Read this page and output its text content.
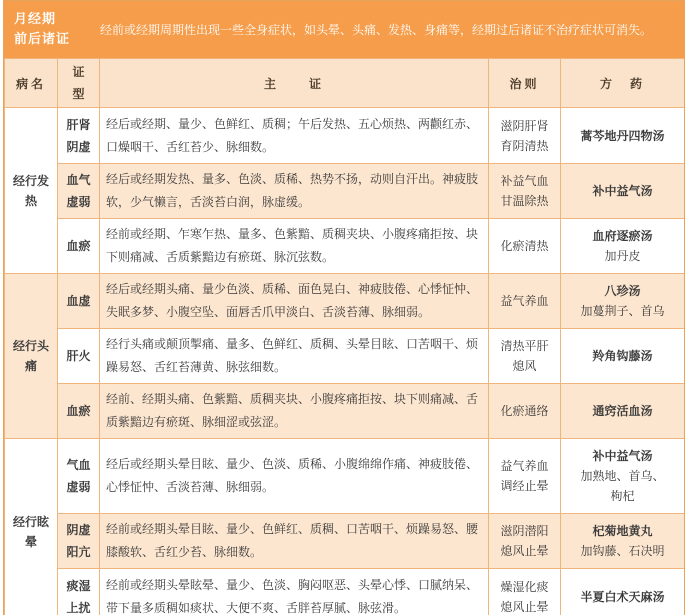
月经期
前后诸证
经前或经期周期性出现一些全身症状，如头晕、头痛、发热、身痛等，经期过后诸证不治疗症状可消失。
病名	证型	主　　证	治则	方　药
经行发热	肝肾阴虚	经后或经期、量少、色鲜红、质稠；午后发热、五心烦热、两颧红赤、口燥咽干、舌红苔少、脉细数。	滋阴肝肾育阴清热	蒿芩地丹四物汤

	血气虚弱	经后或经期发热、量多、色淡、质稀、热势不扬，动则自汗出。神疲肢软，少气懒言，舌淡苔白润，脉虚缓。	补益气血甘温除热	补中益气汤

	血瘀	经前或经期、乍寒乍热、量多、色紫黯、质稠夹块、小腹疼痛拒按、块下则痛减、舌质紫黯边有瘀斑、脉沉弦数。	化瘀清热	血府逐瘀汤
加丹皮

经行头痛	血虚	经后或经期头痛、量少色淡、质稀、面色晃白、神疲肢倦、心悸怔忡、失眠多梦、小腹空坠、面唇舌爪甲淡白、舌淡苔薄、脉细弱。	益气养血	八珍汤
加蔓荆子、首乌

	肝火	经行头痛或颠顶掣痛、量多、色鲜红、质稠、头晕目眩、口苦咽干、烦躁易怒、舌红苔薄黄、脉弦细数。	清热平肝熄风	羚角钩藤汤

	血瘀	经前、经期头痛、色紫黯、质稠夹块、小腹疼痛拒按、块下则痛减、舌质紫黯边有瘀斑、脉细涩或弦涩。	化瘀通络	通窍活血汤

经行眩晕	气血虚弱	经后或经期头晕目眩、量少、色淡、质稀、小腹绵绵作痛、神疲肢倦、心悸怔忡、舌淡苔薄、脉细弱。	益气养血调经止晕	补中益气汤
加熟地、首乌、枸杞

	阴虚阳亢	经前或经期头晕目眩、量少、色鲜红、质稠、口苦咽干、烦躁易怒、腰膝酸软、舌红少苔、脉细数。	滋阴潜阳熄风止晕	杞菊地黄丸
加钩藤、石决明

	痰湿上扰	经前或经期头晕眩晕、量少、色淡、胸闷呕恶、头晕心悸、口腻纳呆、带下量多质稠如痰状、大便不爽、舌胖苔厚腻、脉弦滑。	燥湿化痰熄风止晕	半夏白术天麻汤
